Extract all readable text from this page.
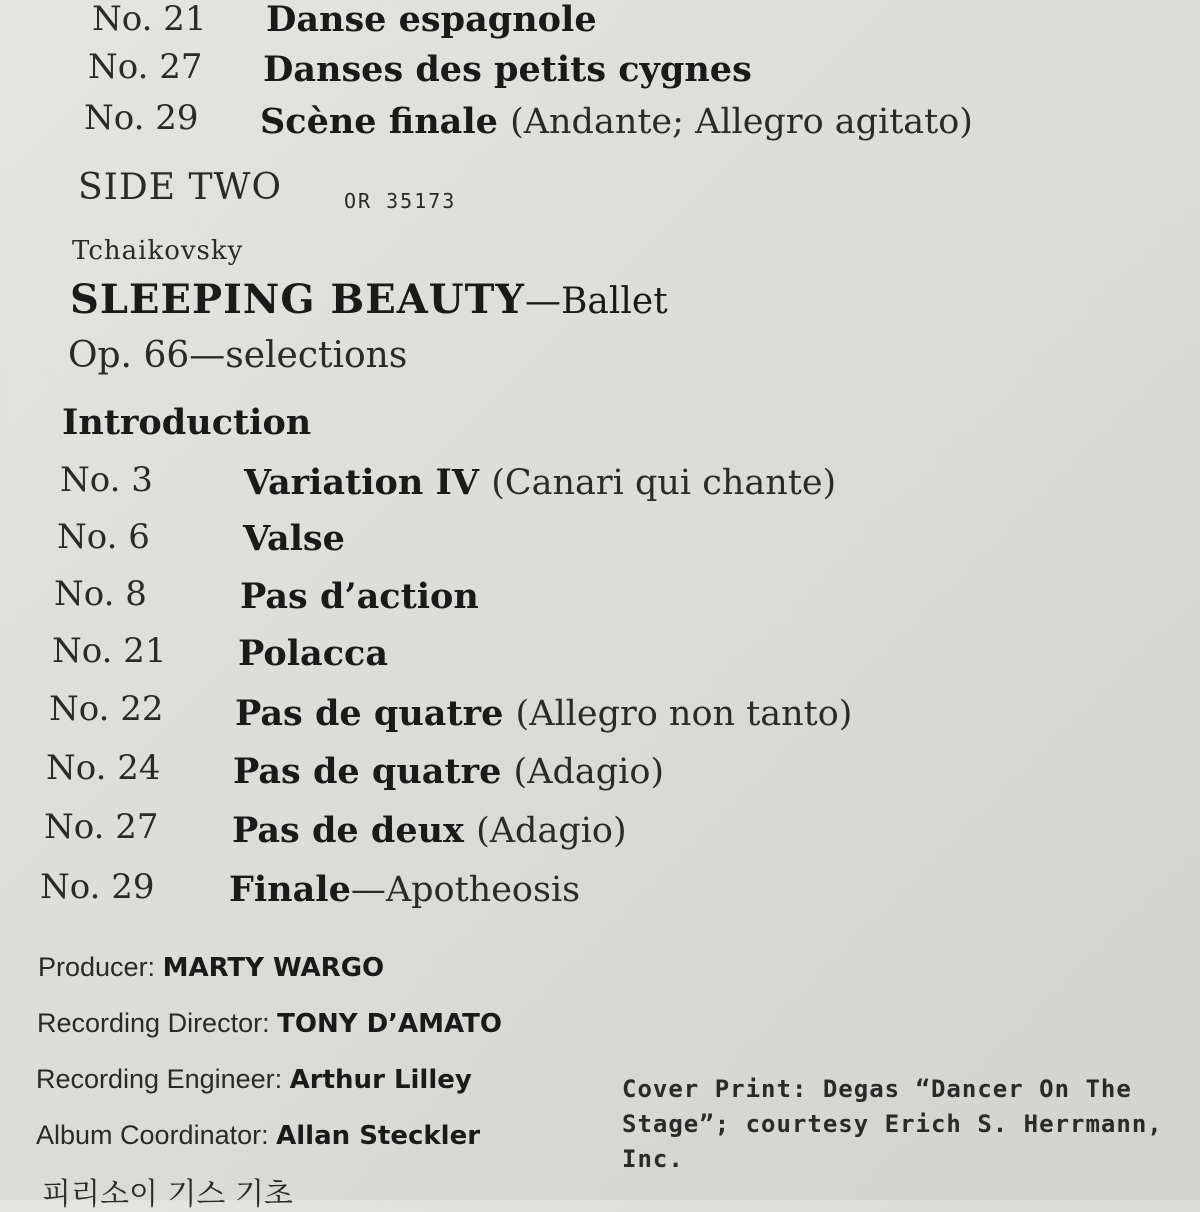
No. 21 Danse espagnole
No. 27 Danses des petits cygnes
No. 29 Scène finale (Andante; Allegro agitato)
SIDE TWO	OR 35173
Tchaikovsky
SLEEPING BEAUTY—Ballet
Op. 66—selections
Introduction
No. 3	Variation IV (Canari qui chante)
No. 6	Valse
No. 8	Pas d’action
No. 21 Polacca
No. 22 Pas de quatre (Allegro non tanto)
No. 24 Pas de quatre (Adagio)
No. 27 Pas de deux (Adagio)
No. 29 Finale—Apotheosis
Producer: MARTY WARGO
Recording Director: TONY D’AMATO
Recording Engineer: Arthur Lilley
Album Coordinator: Allan Steckler
Cover Print: Degas “Dancer On The Stage”; courtesy Erich S. Herrmann, Inc.
피리소이 기스 기초
